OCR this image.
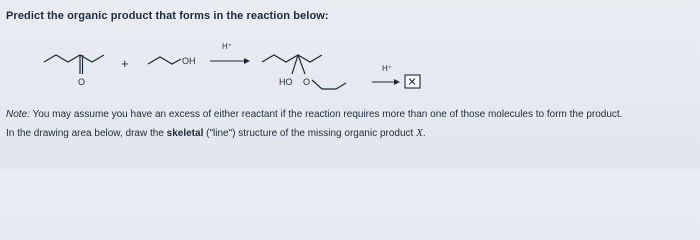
Predict the organic product that forms in the reaction below:
O
+	OH
H⁺
HO O
H⁺
✕
Note: You may assume you have an excess of either reactant if the reaction requires more than one of those molecules to form the product.
In the drawing area below, draw the skeletal ("line") structure of the missing organic product X.
